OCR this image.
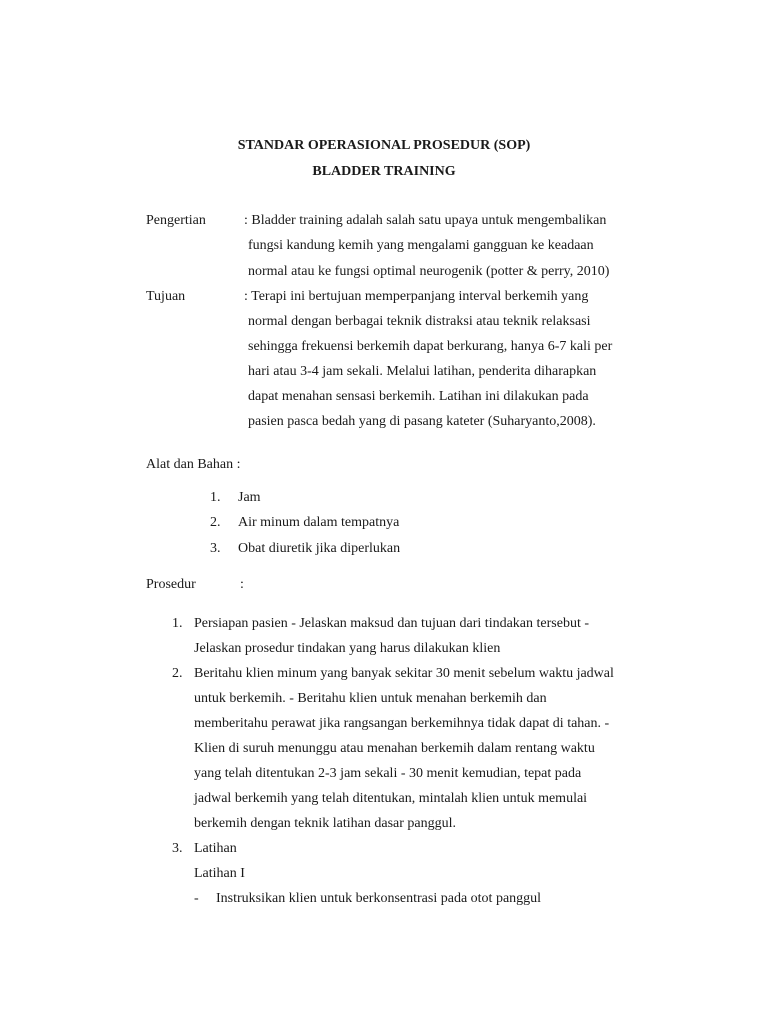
STANDAR OPERASIONAL PROSEDUR (SOP)
BLADDER TRAINING
Pengertian	: Bladder training adalah salah satu upaya untuk mengembalikan
fungsi kandung kemih yang mengalami gangguan ke keadaan
normal atau ke fungsi optimal neurogenik (potter & perry, 2010)
Tujuan	: Terapi ini bertujuan memperpanjang interval berkemih yang
normal dengan berbagai teknik distraksi atau teknik relaksasi
sehingga frekuensi berkemih dapat berkurang, hanya 6-7 kali per
hari atau 3-4 jam sekali. Melalui latihan, penderita diharapkan
dapat menahan sensasi berkemih. Latihan ini dilakukan pada
pasien pasca bedah yang di pasang kateter (Suharyanto,2008).
Alat dan Bahan :
1. Jam
2. Air minum dalam tempatnya
3. Obat diuretik jika diperlukan
Prosedur	:
1. Persiapan pasien - Jelaskan maksud dan tujuan dari tindakan tersebut -
Jelaskan prosedur tindakan yang harus dilakukan klien
2. Beritahu klien minum yang banyak sekitar 30 menit sebelum waktu jadwal
untuk berkemih. - Beritahu klien untuk menahan berkemih dan
memberitahu perawat jika rangsangan berkemihnya tidak dapat di tahan. -
Klien di suruh menunggu atau menahan berkemih dalam rentang waktu
yang telah ditentukan 2-3 jam sekali - 30 menit kemudian, tepat pada
jadwal berkemih yang telah ditentukan, mintalah klien untuk memulai
berkemih dengan teknik latihan dasar panggul.
3. Latihan
Latihan I
- Instruksikan klien untuk berkonsentrasi pada otot panggul
